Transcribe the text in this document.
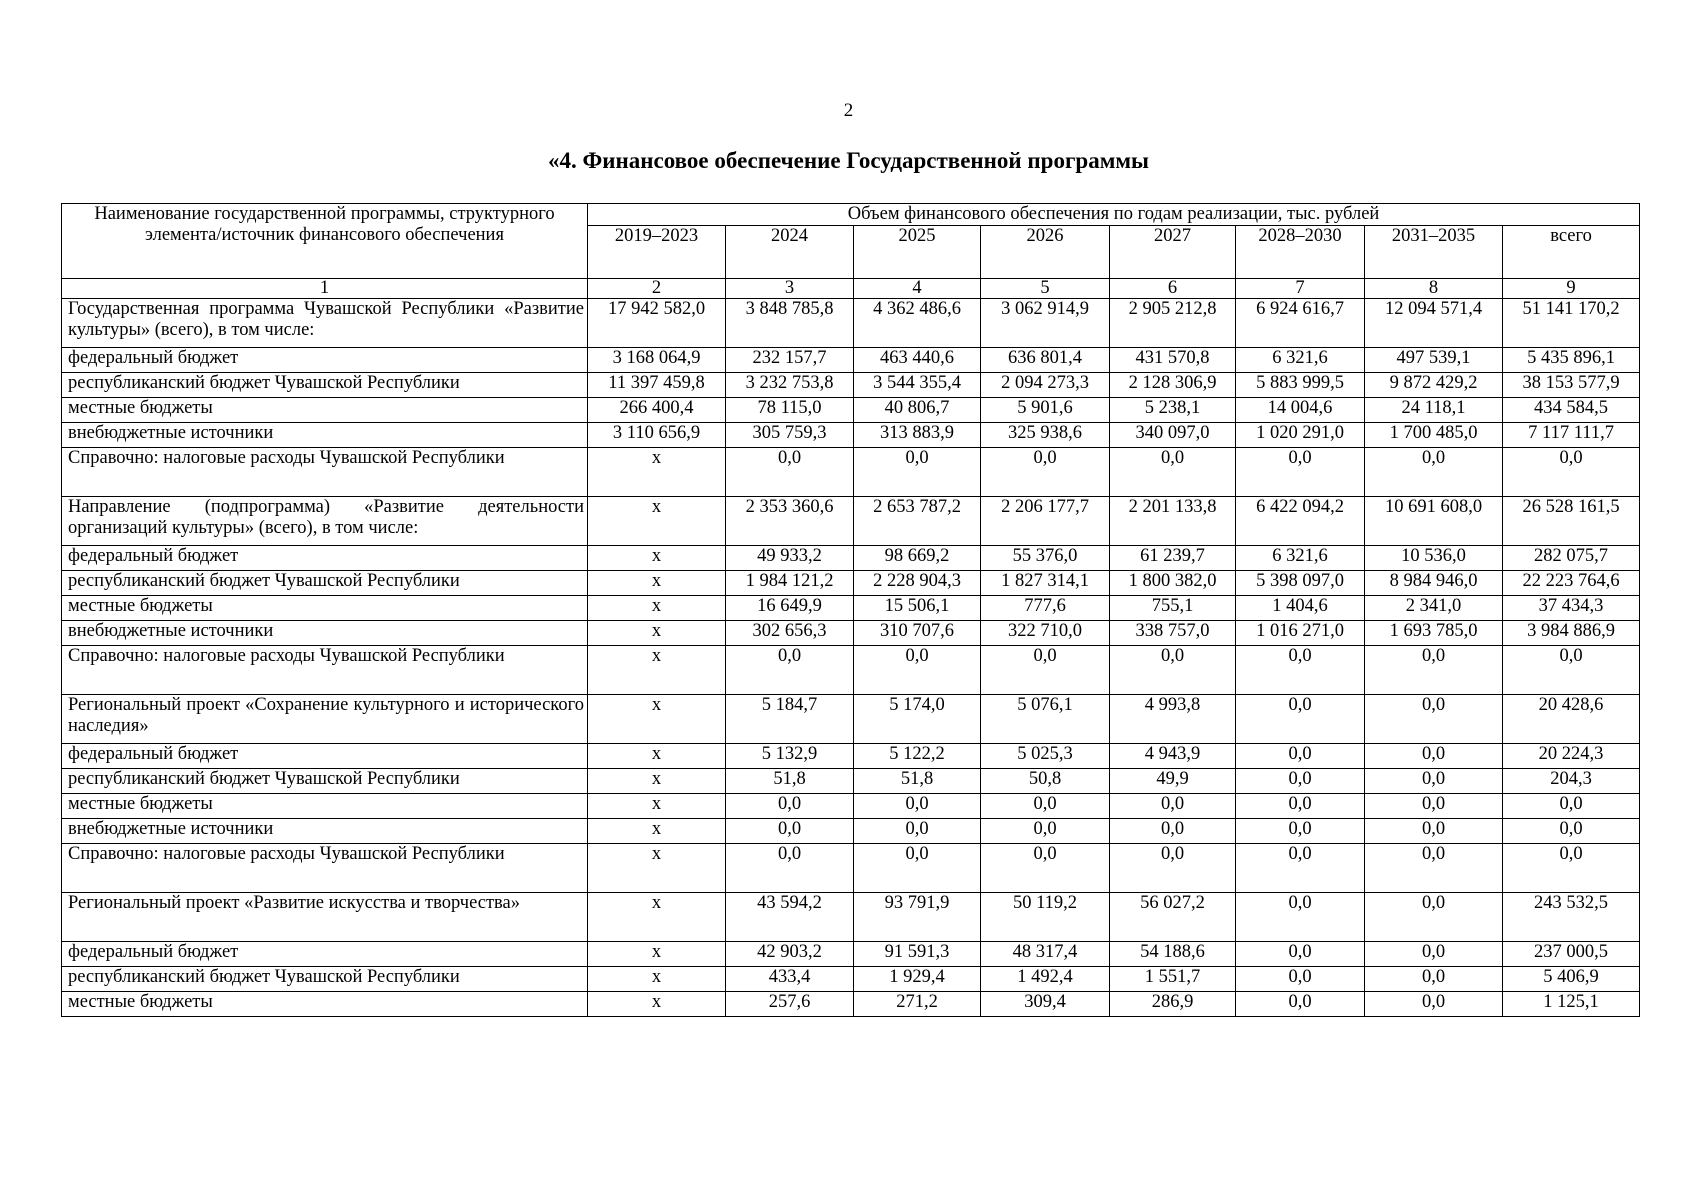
2
«4. Финансовое обеспечение Государственной программы
Наименование государственной программы, структурного элемента/источник финансового обеспечения	Объем финансового обеспечения по годам реализации, тыс. рублей							
	2019–2023	2024	2025	2026	2027	2028–2030	2031–2035	всего
1	2	3	4	5	6	7	8	9
Государственная программа Чувашской Республики «Развитие культуры» (всего), в том числе:	17 942 582,0	3 848 785,8	4 362 486,6	3 062 914,9	2 905 212,8	6 924 616,7	12 094 571,4	51 141 170,2
федеральный бюджет	3 168 064,9	232 157,7	463 440,6	636 801,4	431 570,8	6 321,6	497 539,1	5 435 896,1
республиканский бюджет Чувашской Республики	11 397 459,8	3 232 753,8	3 544 355,4	2 094 273,3	2 128 306,9	5 883 999,5	9 872 429,2	38 153 577,9
местные бюджеты	266 400,4	78 115,0	40 806,7	5 901,6	5 238,1	14 004,6	24 118,1	434 584,5
внебюджетные источники	3 110 656,9	305 759,3	313 883,9	325 938,6	340 097,0	1 020 291,0	1 700 485,0	7 117 111,7
Справочно: налоговые расходы Чувашской Республики	x	0,0	0,0	0,0	0,0	0,0	0,0	0,0
Направление (подпрограмма) «Развитие деятельности организаций культуры» (всего), в том числе:	x	2 353 360,6	2 653 787,2	2 206 177,7	2 201 133,8	6 422 094,2	10 691 608,0	26 528 161,5
федеральный бюджет	x	49 933,2	98 669,2	55 376,0	61 239,7	6 321,6	10 536,0	282 075,7
республиканский бюджет Чувашской Республики	x	1 984 121,2	2 228 904,3	1 827 314,1	1 800 382,0	5 398 097,0	8 984 946,0	22 223 764,6
местные бюджеты	x	16 649,9	15 506,1	777,6	755,1	1 404,6	2 341,0	37 434,3
внебюджетные источники	x	302 656,3	310 707,6	322 710,0	338 757,0	1 016 271,0	1 693 785,0	3 984 886,9
Справочно: налоговые расходы Чувашской Республики	x	0,0	0,0	0,0	0,0	0,0	0,0	0,0
Региональный проект «Сохранение культурного и исторического наследия»	x	5 184,7	5 174,0	5 076,1	4 993,8	0,0	0,0	20 428,6
федеральный бюджет	x	5 132,9	5 122,2	5 025,3	4 943,9	0,0	0,0	20 224,3
республиканский бюджет Чувашской Республики	x	51,8	51,8	50,8	49,9	0,0	0,0	204,3
местные бюджеты	x	0,0	0,0	0,0	0,0	0,0	0,0	0,0
внебюджетные источники	x	0,0	0,0	0,0	0,0	0,0	0,0	0,0
Справочно: налоговые расходы Чувашской Республики	x	0,0	0,0	0,0	0,0	0,0	0,0	0,0
Региональный проект «Развитие искусства и творчества»	x	43 594,2	93 791,9	50 119,2	56 027,2	0,0	0,0	243 532,5
федеральный бюджет	x	42 903,2	91 591,3	48 317,4	54 188,6	0,0	0,0	237 000,5
республиканский бюджет Чувашской Республики	x	433,4	1 929,4	1 492,4	1 551,7	0,0	0,0	5 406,9
местные бюджеты	x	257,6	271,2	309,4	286,9	0,0	0,0	1 125,1
